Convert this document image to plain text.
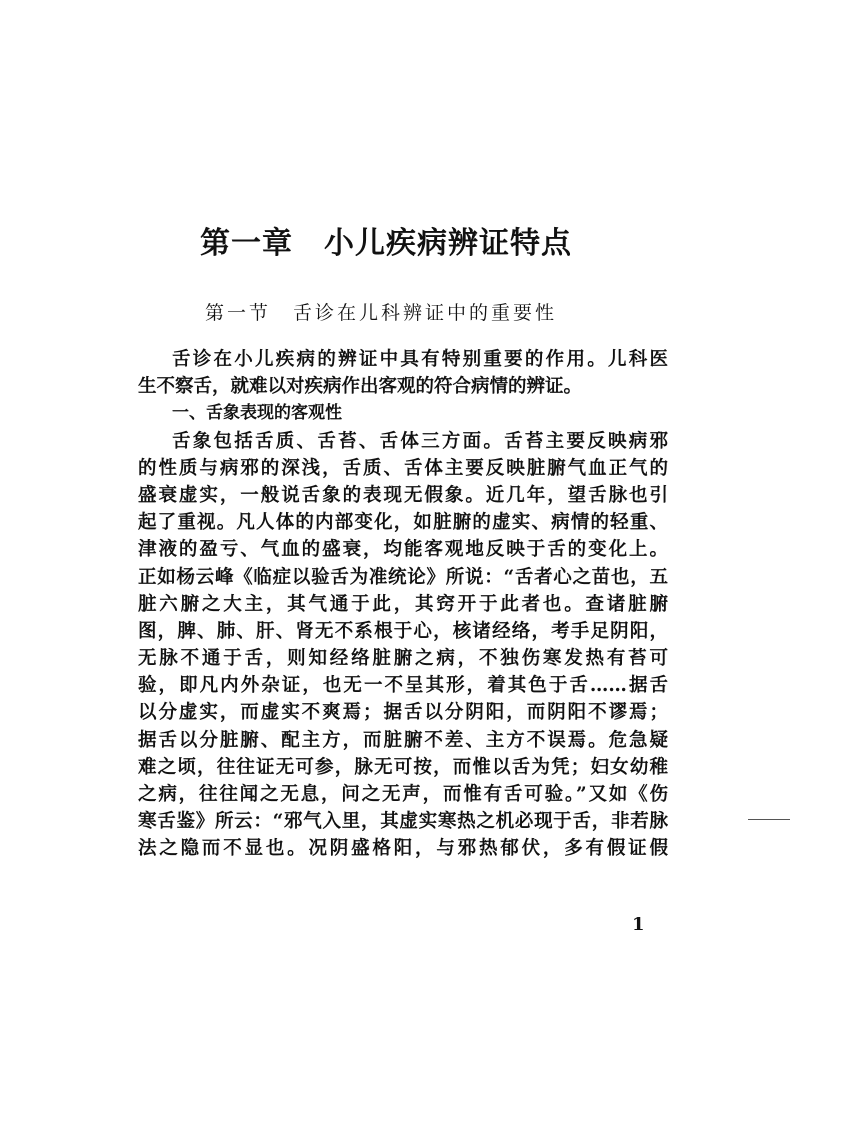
第一章　小儿疾病辨证特点
第一节　舌诊在儿科辨证中的重要性
舌诊在小儿疾病的辨证中具有特别重要的作用。儿科医
生不察舌，就难以对疾病作出客观的符合病情的辨证。
一、舌象表现的客观性
舌象包括舌质、舌苔、舌体三方面。舌苔主要反映病邪
的性质与病邪的深浅，舌质、舌体主要反映脏腑气血正气的
盛衰虚实，一般说舌象的表现无假象。近几年，望舌脉也引
起了重视。凡人体的内部变化，如脏腑的虚实、病情的轻重、
津液的盈亏、气血的盛衰，均能客观地反映于舌的变化上。
正如杨云峰《临症以验舌为准统论》所说：“舌者心之苗也，五
脏六腑之大主，其气通于此，其窍开于此者也。查诸脏腑
图，脾、肺、肝、肾无不系根于心，核诸经络，考手足阴阳，
无脉不通于舌，则知经络脏腑之病，不独伤寒发热有苔可
验，即凡内外杂证，也无一不呈其形，着其色于舌……据舌
以分虚实，而虚实不爽焉；据舌以分阴阳，而阴阳不谬焉；
据舌以分脏腑、配主方，而脏腑不差、主方不误焉。危急疑
难之顷，往往证无可参，脉无可按，而惟以舌为凭；妇女幼稚
之病，往往闻之无息，问之无声，而惟有舌可验。”又如《伤
寒舌鉴》所云：“邪气入里，其虚实寒热之机必现于舌，非若脉
法之隐而不显也。况阴盛格阳，与邪热郁伏，多有假证假
1
